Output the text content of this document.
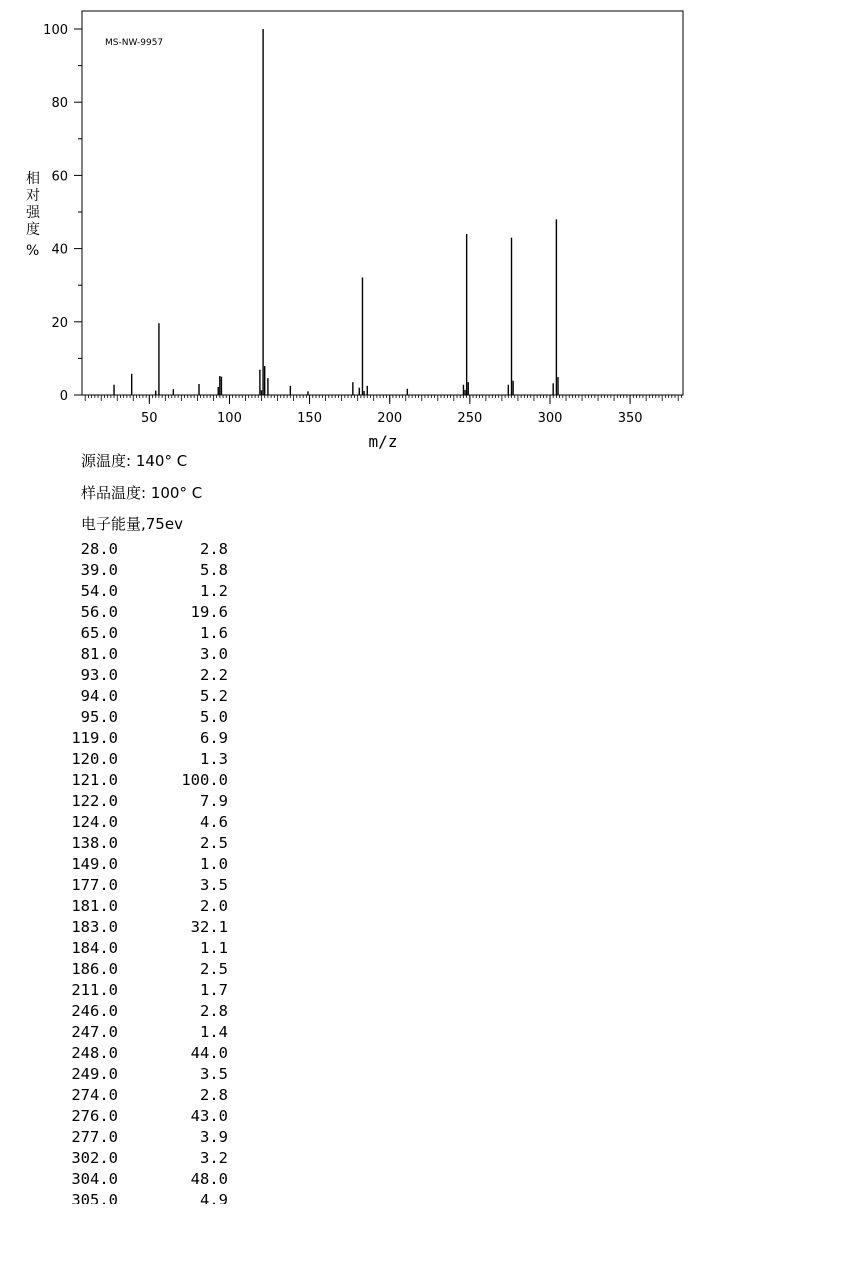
0
20
40
60
80
100
50	100	150	200	250	300	350
MS-NW-9957
m/z
相对强度%
源温度: 140° C
样品温度: 100° C
电子能量,75ev
28.0	2.8
39.0	5.8
54.0	1.2
56.0	19.6
65.0	1.6
81.0	3.0
93.0	2.2
94.0	5.2
95.0	5.0
119.0	6.9
120.0	1.3
121.0	100.0
122.0	7.9
124.0	4.6
138.0	2.5
149.0	1.0
177.0	3.5
181.0	2.0
183.0	32.1
184.0	1.1
186.0	2.5
211.0	1.7
246.0	2.8
247.0	1.4
248.0	44.0
249.0	3.5
274.0	2.8
276.0	43.0
277.0	3.9
302.0	3.2
304.0	48.0
305.0	4.9
